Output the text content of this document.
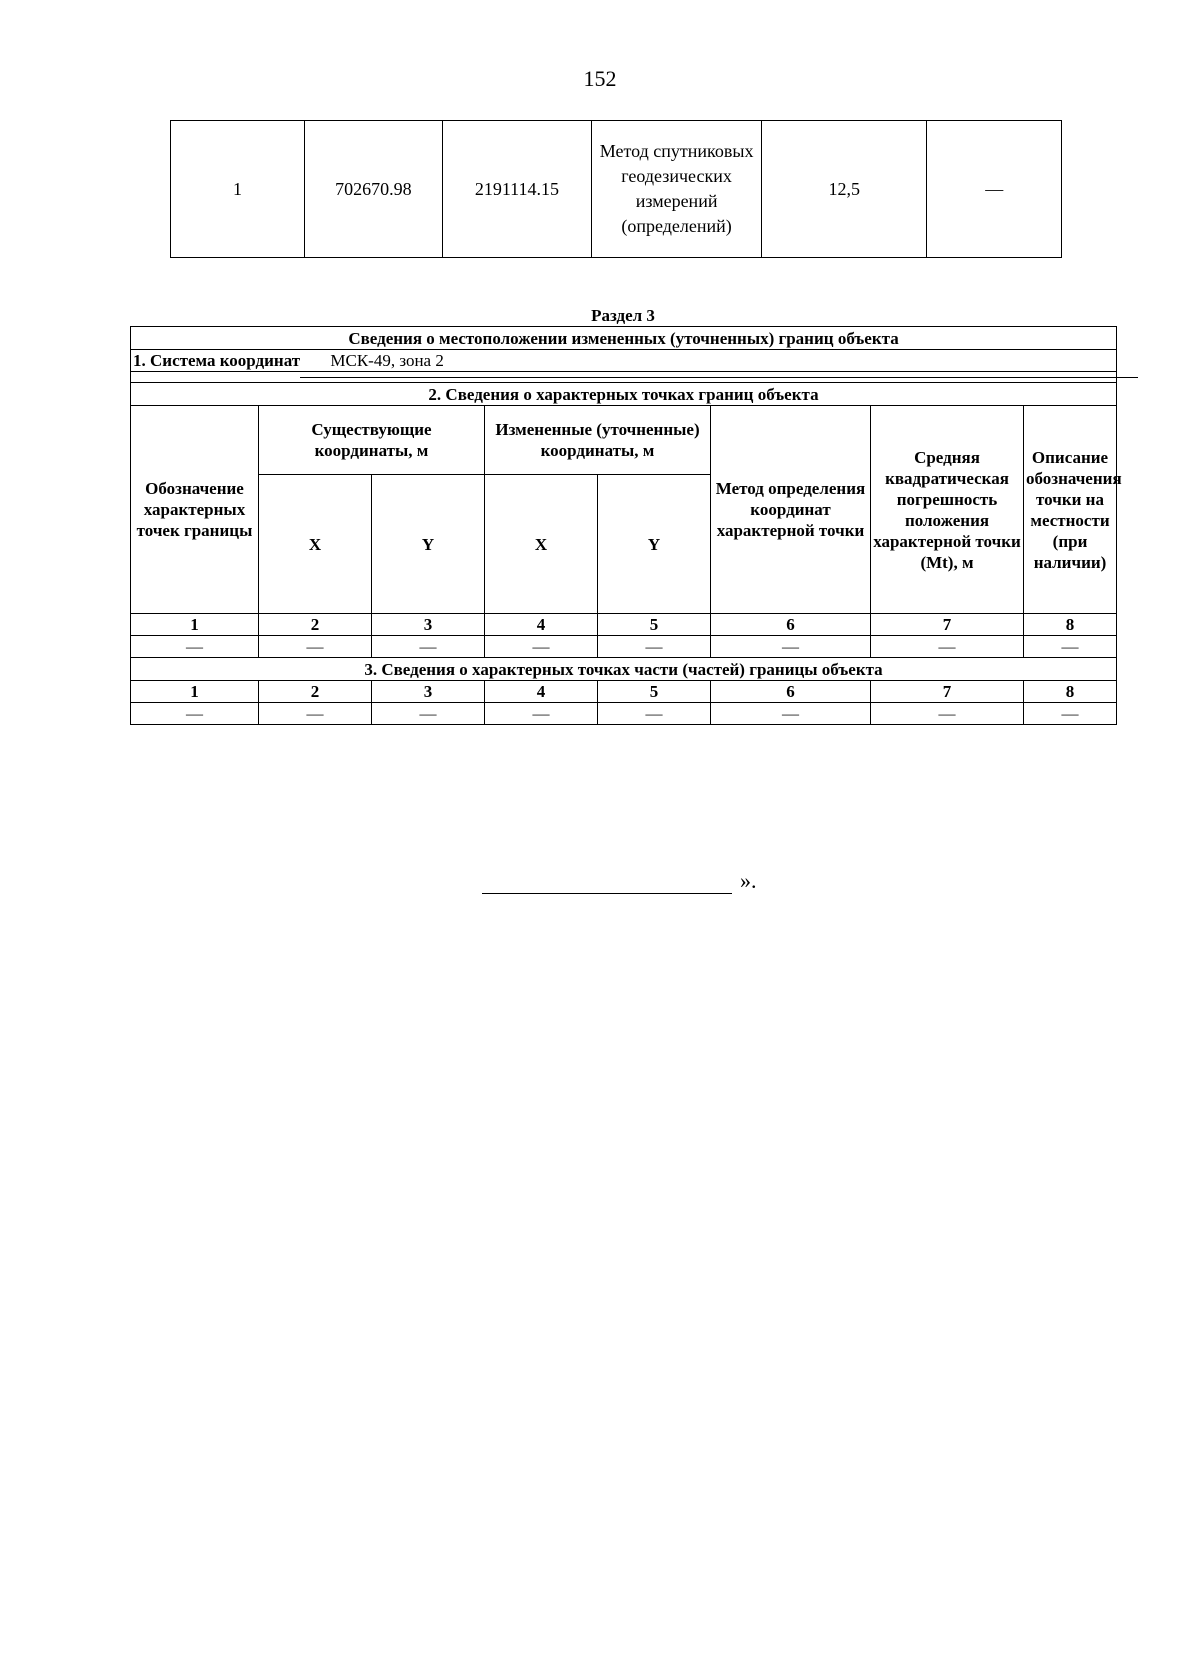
152
1	702670.98	2191114.15	Метод спутниковых геодезических измерений (определений)	12,5	—
Раздел 3
Сведения о местоположении измененных (уточненных) границ объекта							
1. Система координат МСК-49, зона 2							

2. Сведения о характерных точках границ объекта							
Обозначение характерных точек границы	Существующие координаты, м		Измененные (уточненные) координаты, м		Метод определения координат характерной точки	Средняя квадратическая погрешность положения характерной точки (Mt), м	Описание обозначения точки на местности (при наличии)
	X	Y	X	Y			
1	2	3	4	5	6	7	8
—	—	—	—	—	—	—	—
3. Сведения о характерных точках части (частей) границы объекта							
1	2	3	4	5	6	7	8
—	—	—	—	—	—	—	—
».
